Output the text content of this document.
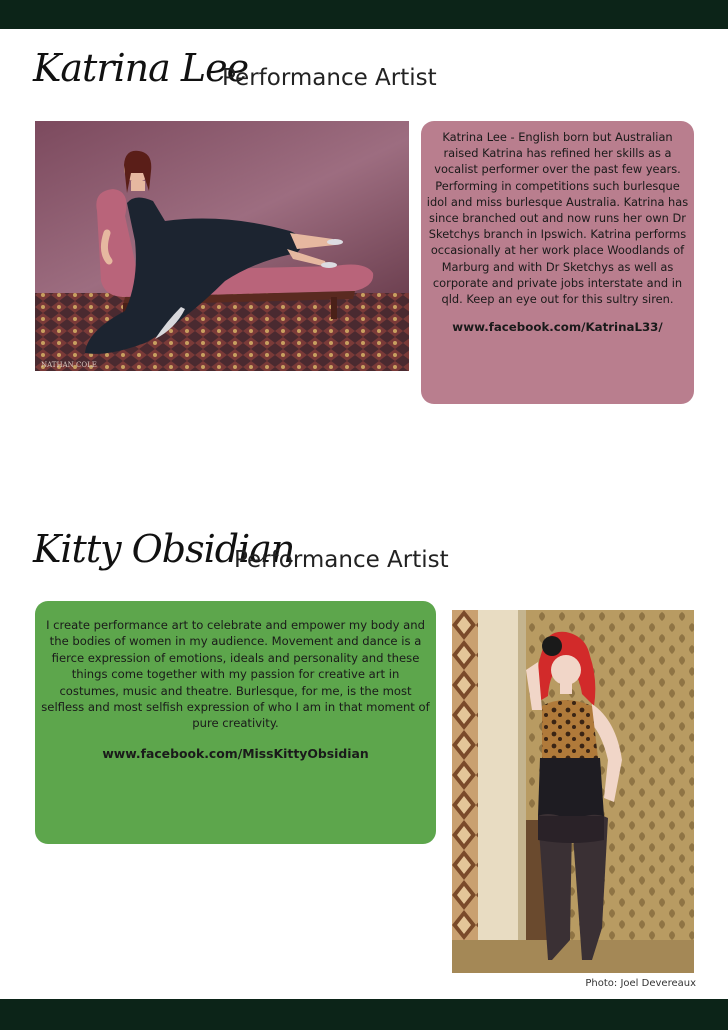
Katrina Lee
Performance Artist
NATHAN COLE

Katrina Lee - English born but Australian raised Katrina has refined her skills as a vocalist performer over the past few years. Performing in competitions such burlesque idol and miss burlesque Australia. Katrina has since branched out and now runs her own Dr Sketchys branch in Ipswich. Katrina performs occasionally at her work place Woodlands of Marburg and with Dr Sketchys as well as corporate and private jobs interstate and in qld. Keep an eye out for this sultry siren.

www.facebook.com/KatrinaL33/

Kitty Obsidian
Performance Artist

I create performance art to celebrate and empower my body and the bodies of women in my audience. Movement and dance is a fierce expression of emotions, ideals and personality and these things come together with my passion for creative art in costumes, music and theatre. Burlesque, for me, is the most selfless and most selfish expression of who I am in that moment of pure creativity.

www.facebook.com/MissKittyObsidian

Photo: Joel Devereaux
